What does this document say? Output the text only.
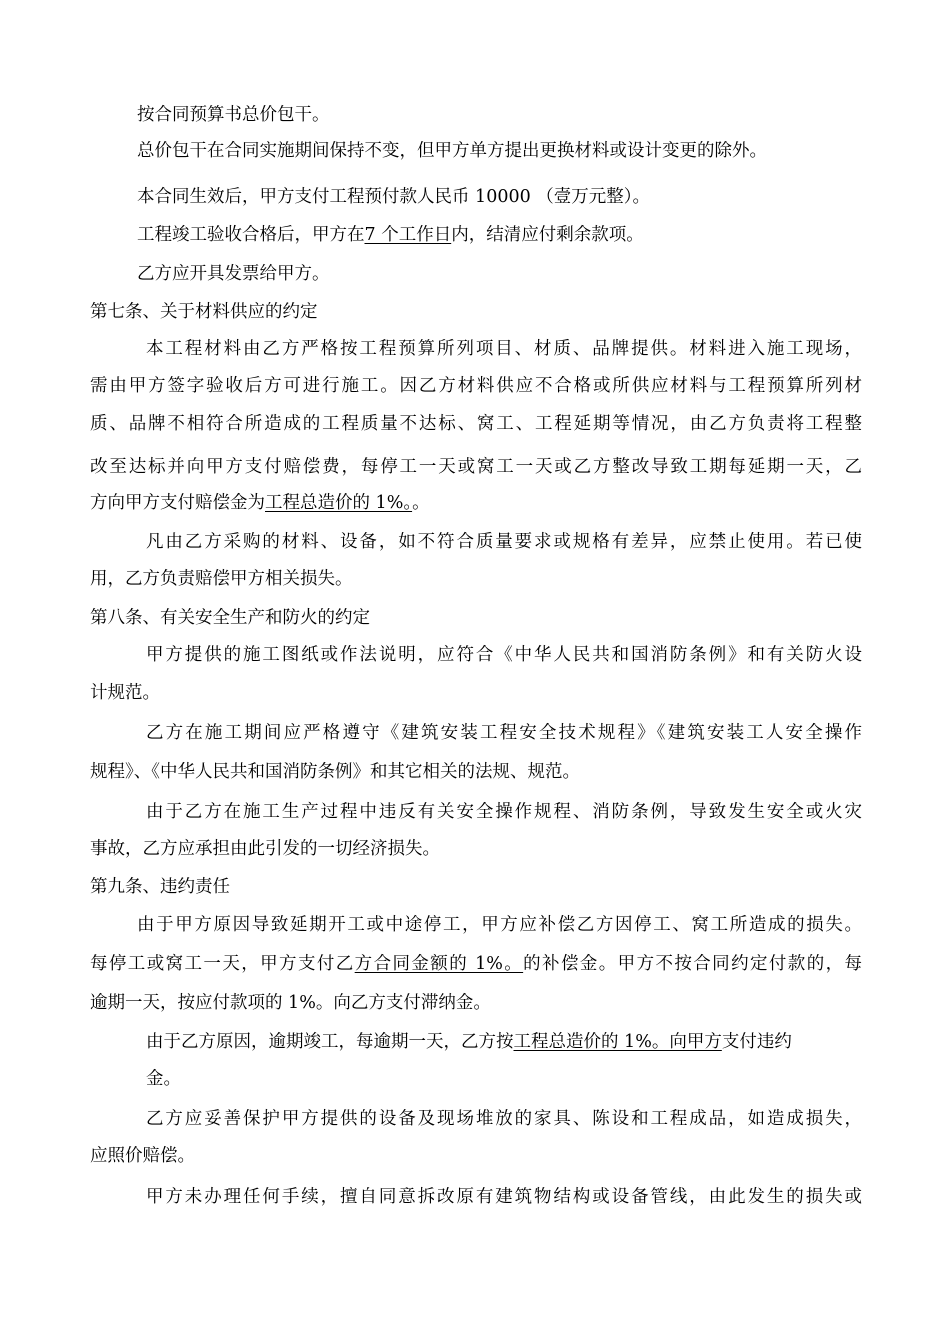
按合同预算书总价包干。
总价包干在合同实施期间保持不变，但甲方单方提出更换材料或设计变更的除外。
本合同生效后，甲方支付工程预付款人民币 10000 （壹万元整）。
工程竣工验收合格后，甲方在7 个工作日内，结清应付剩余款项。
乙方应开具发票给甲方。
第七条、关于材料供应的约定
本工程材料由乙方严格按工程预算所列项目、材质、品牌提供。材料进入施工现场，
需由甲方签字验收后方可进行施工。因乙方材料供应不合格或所供应材料与工程预算所列材
质、品牌不相符合所造成的工程质量不达标、窝工、工程延期等情况，由乙方负责将工程整
改至达标并向甲方支付赔偿费，每停工一天或窝工一天或乙方整改导致工期每延期一天，乙
方向甲方支付赔偿金为工程总造价的 1%。。
凡由乙方采购的材料、设备，如不符合质量要求或规格有差异，应禁止使用。若已使
用，乙方负责赔偿甲方相关损失。
第八条、有关安全生产和防火的约定
甲方提供的施工图纸或作法说明，应符合《中华人民共和国消防条例》和有关防火设
计规范。
乙方在施工期间应严格遵守《建筑安装工程安全技术规程》《建筑安装工人安全操作
规程》、《中华人民共和国消防条例》和其它相关的法规、规范。
由于乙方在施工生产过程中违反有关安全操作规程、消防条例，导致发生安全或火灾
事故，乙方应承担由此引发的一切经济损失。
第九条、违约责任
由于甲方原因导致延期开工或中途停工，甲方应补偿乙方因停工、窝工所造成的损失。
每停工或窝工一天，甲方支付乙方合同金额的 1%。的补偿金。甲方不按合同约定付款的，每
逾期一天，按应付款项的 1%。向乙方支付滞纳金。
由于乙方原因，逾期竣工，每逾期一天，乙方按工程总造价的 1%。向甲方支付违约
金。
乙方应妥善保护甲方提供的设备及现场堆放的家具、陈设和工程成品，如造成损失，
应照价赔偿。
甲方未办理任何手续，擅自同意拆改原有建筑物结构或设备管线，由此发生的损失或
